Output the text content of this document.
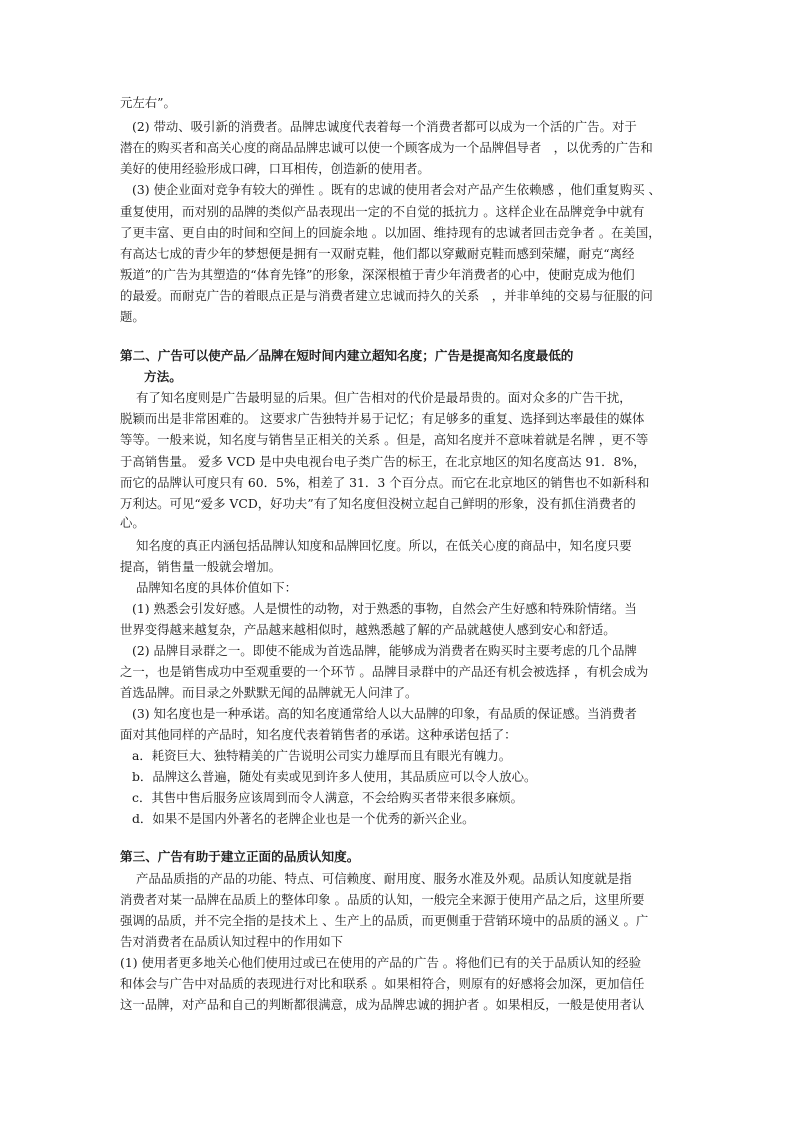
元左右”。
(2) 带动、吸引新的消费者。品牌忠诚度代表着每一个消费者都可以成为一个活的广告。对于
潜在的购买者和高关心度的商品品牌忠诚可以使一个顾客成为一个品牌倡导者　，以优秀的广告和
美好的使用经验形成口碑，口耳相传，创造新的使用者。
(3) 使企业面对竞争有较大的弹性 。既有的忠诚的使用者会对产品产生依赖感 ，他们重复购买 、
重复使用，而对别的品牌的类似产品表现出一定的不自觉的抵抗力 。这样企业在品牌竞争中就有
了更丰富、更自由的时间和空间上的回旋余地 。以加固、维持现有的忠诚者回击竞争者 。在美国，
有高达七成的青少年的梦想便是拥有一双耐克鞋，他们都以穿戴耐克鞋而感到荣耀，耐克“离经
叛道”的广告为其塑造的“体育先锋”的形象，深深根植于青少年消费者的心中，使耐克成为他们
的最爱。而耐克广告的着眼点正是与消费者建立忠诚而持久的关系　，并非单纯的交易与征服的问
题。
第二、广告可以使产品／品牌在短时间内建立超知名度；广告是提高知名度最低的
方法。
有了知名度则是广告最明显的后果。但广告相对的代价是最昂贵的。面对众多的广告干扰，
脱颖而出是非常困难的。 这要求广告独特并易于记忆；有足够多的重复、选择到达率最佳的媒体
等等。一般来说，知名度与销售呈正相关的关系 。但是，高知名度并不意味着就是名牌 ，更不等
于高销售量。 爱多 VCD 是中央电视台电子类广告的标王，在北京地区的知名度高达 91．8%，
而它的品牌认可度只有 60．5%，相差了 31．3 个百分点。而它在北京地区的销售也不如新科和
万利达。可见“爱多 VCD，好功夫”有了知名度但没树立起自己鲜明的形象，没有抓住消费者的
心。
知名度的真正内涵包括品牌认知度和品牌回忆度。所以，在低关心度的商品中，知名度只要
提高，销售量一般就会增加。
品牌知名度的具体价值如下：
(1) 熟悉会引发好感。人是惯性的动物，对于熟悉的事物，自然会产生好感和特殊阶情绪。当
世界变得越来越复杂，产品越来越相似时，越熟悉越了解的产品就越使人感到安心和舒适。
(2) 品牌目录群之一。即使不能成为首选品牌，能够成为消费者在购买时主要考虑的几个品牌
之一，也是销售成功中至观重要的一个环节 。品牌目录群中的产品还有机会被选择 ，有机会成为
首选品牌。而目录之外默默无闻的品牌就无人问津了。
(3) 知名度也是一种承诺。高的知名度通常给人以大品牌的印象，有品质的保证感。当消费者
面对其他同样的产品时，知名度代表着销售者的承诺。这种承诺包括了：
a．耗资巨大、独特精美的广告说明公司实力雄厚而且有眼光有魄力。
b．品牌这么普遍，随处有卖或见到许多人使用，其品质应可以令人放心。
c．其售中售后服务应该周到而令人满意，不会给购买者带来很多麻烦。
d．如果不是国内外著名的老牌企业也是一个优秀的新兴企业。
第三、广告有助于建立正面的品质认知度。
产品品质指的产品的功能、特点、可信赖度、耐用度、服务水准及外观。品质认知度就是指
消费者对某一品牌在品质上的整体印象 。品质的认知，一般完全来源于使用产品之后，这里所要
强调的品质，并不完全指的是技术上 、生产上的品质，而更侧重于营销环境中的品质的涵义 。广
告对消费者在品质认知过程中的作用如下
(1) 使用者更多地关心他们使用过或已在使用的产品的广告 。将他们已有的关于品质认知的经验
和体会与广告中对品质的表现进行对比和联系 。如果相符合，则原有的好感将会加深，更加信任
这一品牌，对产品和自己的判断都很满意，成为品牌忠诚的拥护者 。如果相反，一般是使用者认
